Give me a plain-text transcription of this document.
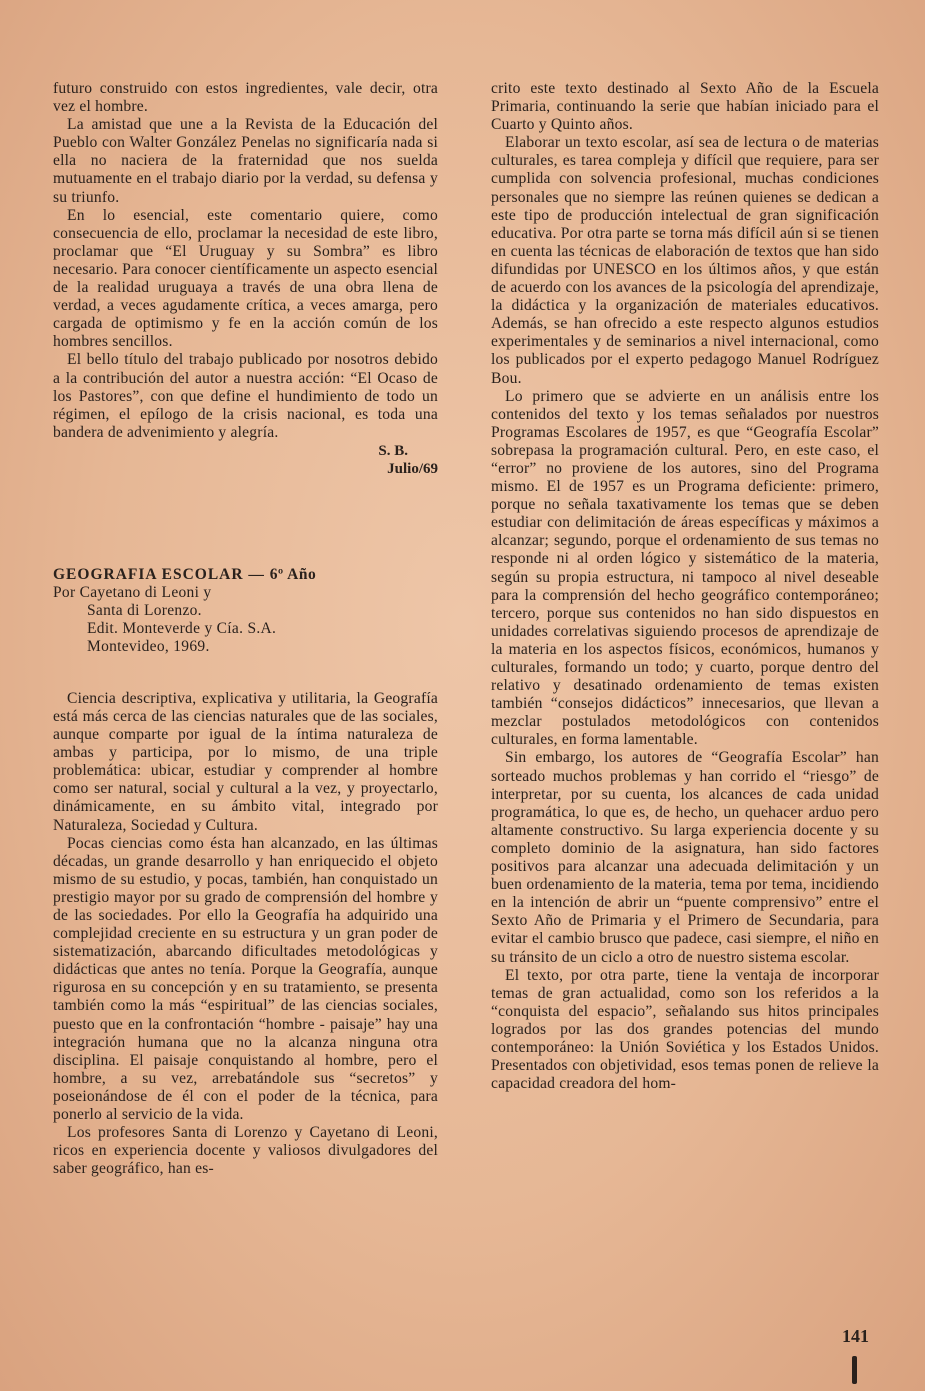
futuro construido con estos ingredientes, vale decir, otra vez el hombre.

La amistad que une a la Revista de la Educación del Pueblo con Walter González Penelas no significaría nada si ella no naciera de la fraternidad que nos suelda mutuamente en el trabajo diario por la verdad, su defensa y su triunfo.

En lo esencial, este comentario quiere, como consecuencia de ello, proclamar la necesidad de este libro, proclamar que “El Uruguay y su Sombra” es libro necesario. Para conocer científicamente un aspecto esencial de la realidad uruguaya a través de una obra llena de verdad, a veces agudamente crítica, a veces amarga, pero cargada de optimismo y fe en la acción común de los hombres sencillos.

El bello título del trabajo publicado por nosotros debido a la contribución del autor a nuestra acción: “El Ocaso de los Pastores”, con que define el hundimiento de todo un régimen, el epílogo de la crisis nacional, es toda una bandera de advenimiento y alegría.

S. B.
Julio/69
GEOGRAFIA ESCOLAR — 6º Año
Por Cayetano di Leoni y
Santa di Lorenzo.
Edit. Monteverde y Cía. S.A.
Montevideo, 1969.

Ciencia descriptiva, explicativa y utilitaria, la Geografía está más cerca de las ciencias naturales que de las sociales, aunque comparte por igual de la íntima naturaleza de ambas y participa, por lo mismo, de una triple problemática: ubicar, estudiar y comprender al hombre como ser natural, social y cultural a la vez, y proyectarlo, dinámicamente, en su ámbito vital, integrado por Naturaleza, Sociedad y Cultura.

Pocas ciencias como ésta han alcanzado, en las últimas décadas, un grande desarrollo y han enriquecido el objeto mismo de su estudio, y pocas, también, han conquistado un prestigio mayor por su grado de comprensión del hombre y de las sociedades. Por ello la Geografía ha adquirido una complejidad creciente en su estructura y un gran poder de sistematización, abarcando dificultades metodológicas y didácticas que antes no tenía. Porque la Geografía, aunque rigurosa en su concepción y en su tratamiento, se presenta también como la más “espiritual” de las ciencias sociales, puesto que en la confrontación “hombre - paisaje” hay una integración humana que no la alcanza ninguna otra disciplina. El paisaje conquistando al hombre, pero el hombre, a su vez, arrebatándole sus “secretos” y poseionándose de él con el poder de la técnica, para ponerlo al servicio de la vida.

Los profesores Santa di Lorenzo y Cayetano di Leoni, ricos en experiencia docente y valiosos divulgadores del saber geográfico, han es-

crito este texto destinado al Sexto Año de la Escuela Primaria, continuando la serie que habían iniciado para el Cuarto y Quinto años.

Elaborar un texto escolar, así sea de lectura o de materias culturales, es tarea compleja y difícil que requiere, para ser cumplida con solvencia profesional, muchas condiciones personales que no siempre las reúnen quienes se dedican a este tipo de producción intelectual de gran significación educativa. Por otra parte se torna más difícil aún si se tienen en cuenta las técnicas de elaboración de textos que han sido difundidas por UNESCO en los últimos años, y que están de acuerdo con los avances de la psicología del aprendizaje, la didáctica y la organización de materiales educativos. Además, se han ofrecido a este respecto algunos estudios experimentales y de seminarios a nivel internacional, como los publicados por el experto pedagogo Manuel Rodríguez Bou.

Lo primero que se advierte en un análisis entre los contenidos del texto y los temas señalados por nuestros Programas Escolares de 1957, es que “Geografía Escolar” sobrepasa la programación cultural. Pero, en este caso, el “error” no proviene de los autores, sino del Programa mismo. El de 1957 es un Programa deficiente: primero, porque no señala taxativamente los temas que se deben estudiar con delimitación de áreas específicas y máximos a alcanzar; segundo, porque el ordenamiento de sus temas no responde ni al orden lógico y sistemático de la materia, según su propia estructura, ni tampoco al nivel deseable para la comprensión del hecho geográfico contemporáneo; tercero, porque sus contenidos no han sido dispuestos en unidades correlativas siguiendo procesos de aprendizaje de la materia en los aspectos físicos, económicos, humanos y culturales, formando un todo; y cuarto, porque dentro del relativo y desatinado ordenamiento de temas existen también “consejos didácticos” innecesarios, que llevan a mezclar postulados metodológicos con contenidos culturales, en forma lamentable.

Sin embargo, los autores de “Geografía Escolar” han sorteado muchos problemas y han corrido el “riesgo” de interpretar, por su cuenta, los alcances de cada unidad programática, lo que es, de hecho, un quehacer arduo pero altamente constructivo. Su larga experiencia docente y su completo dominio de la asignatura, han sido factores positivos para alcanzar una adecuada delimitación y un buen ordenamiento de la materia, tema por tema, incidiendo en la intención de abrir un “puente comprensivo” entre el Sexto Año de Primaria y el Primero de Secundaria, para evitar el cambio brusco que padece, casi siempre, el niño en su tránsito de un ciclo a otro de nuestro sistema escolar.

El texto, por otra parte, tiene la ventaja de incorporar temas de gran actualidad, como son los referidos a la “conquista del espacio”, señalando sus hitos principales logrados por las dos grandes potencias del mundo contemporáneo: la Unión Soviética y los Estados Unidos. Presentados con objetividad, esos temas ponen de relieve la capacidad creadora del hom-

141
